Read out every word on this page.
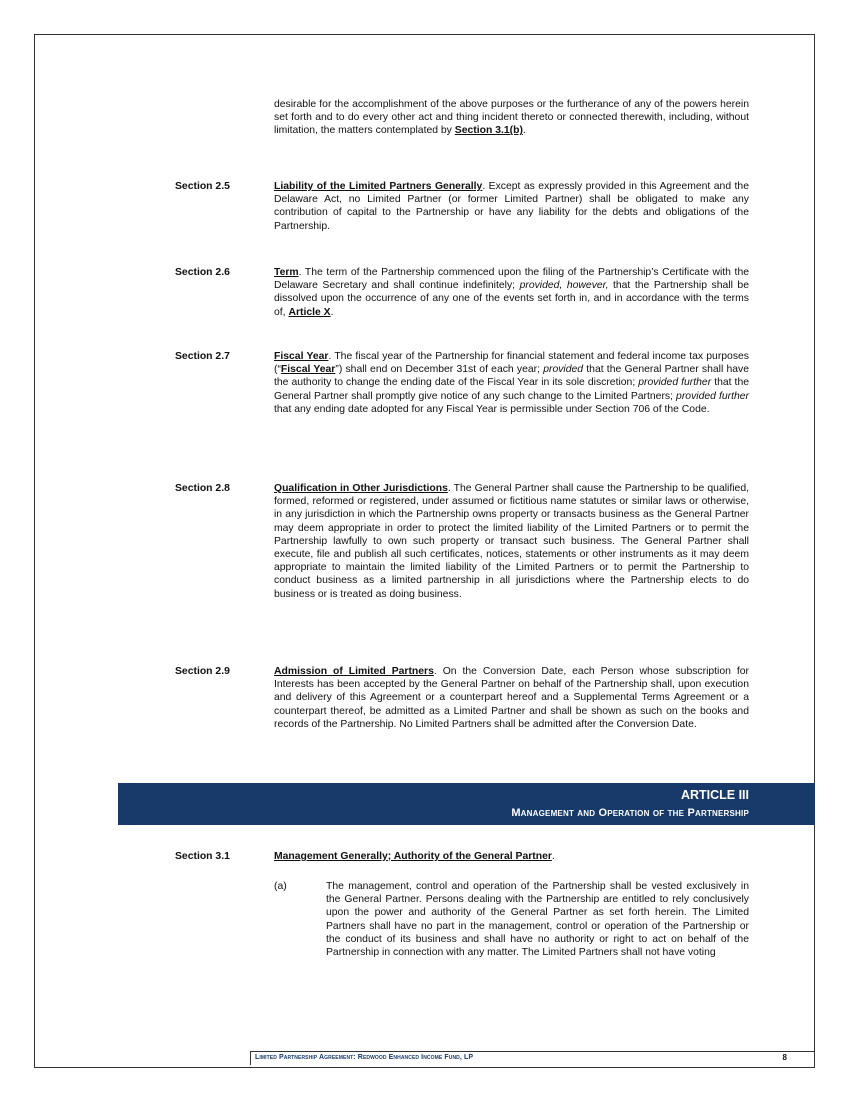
desirable for the accomplishment of the above purposes or the furtherance of any of the powers herein set forth and to do every other act and thing incident thereto or connected therewith, including, without limitation, the matters contemplated by Section 3.1(b).

Section 2.5	Liability of the Limited Partners Generally. Except as expressly provided in this Agreement and the Delaware Act, no Limited Partner (or former Limited Partner) shall be obligated to make any contribution of capital to the Partnership or have any liability for the debts and obligations of the Partnership.

Section 2.6	Term. The term of the Partnership commenced upon the filing of the Partnership’s Certificate with the Delaware Secretary and shall continue indefinitely; provided, however, that the Partnership shall be dissolved upon the occurrence of any one of the events set forth in, and in accordance with the terms of, Article X.

Section 2.7	Fiscal Year. The fiscal year of the Partnership for financial statement and federal income tax purposes (“Fiscal Year”) shall end on December 31st of each year; provided that the General Partner shall have the authority to change the ending date of the Fiscal Year in its sole discretion; provided further that the General Partner shall promptly give notice of any such change to the Limited Partners; provided further that any ending date adopted for any Fiscal Year is permissible under Section 706 of the Code.

Section 2.8	Qualification in Other Jurisdictions. The General Partner shall cause the Partnership to be qualified, formed, reformed or registered, under assumed or fictitious name statutes or similar laws or otherwise, in any jurisdiction in which the Partnership owns property or transacts business as the General Partner may deem appropriate in order to protect the limited liability of the Limited Partners or to permit the Partnership lawfully to own such property or transact such business. The General Partner shall execute, file and publish all such certificates, notices, statements or other instruments as it may deem appropriate to maintain the limited liability of the Limited Partners or to permit the Partnership to conduct business as a limited partnership in all jurisdictions where the Partnership elects to do business or is treated as doing business.

Section 2.9	Admission of Limited Partners. On the Conversion Date, each Person whose subscription for Interests has been accepted by the General Partner on behalf of the Partnership shall, upon execution and delivery of this Agreement or a counterpart hereof and a Supplemental Terms Agreement or a counterpart thereof, be admitted as a Limited Partner and shall be shown as such on the books and records of the Partnership. No Limited Partners shall be admitted after the Conversion Date.

ARTICLE III
Management and Operation of the Partnership
Section 3.1	Management Generally; Authority of the General Partner.

(a)	The management, control and operation of the Partnership shall be vested exclusively in the General Partner. Persons dealing with the Partnership are entitled to rely conclusively upon the power and authority of the General Partner as set forth herein. The Limited Partners shall have no part in the management, control or operation of the Partnership or the conduct of its business and shall have no authority or right to act on behalf of the Partnership in connection with any matter. The Limited Partners shall not have voting

Limited Partnership Agreement: Redwood Enhanced Income Fund, LP	8
